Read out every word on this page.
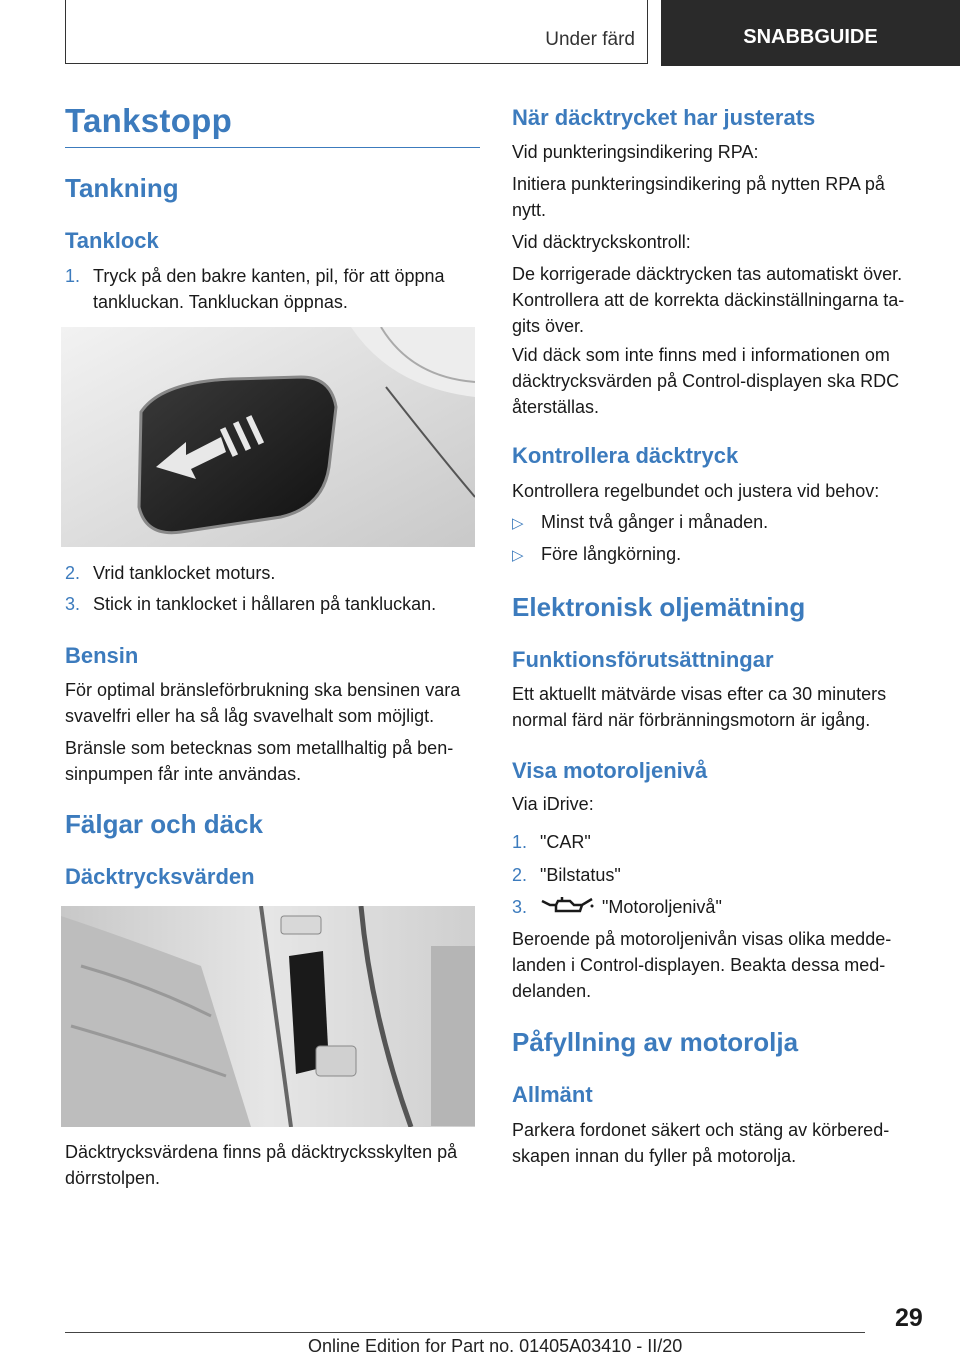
Under färd	SNABBGUIDE
Tankstopp
Tankning
Tanklock
1. Tryck på den bakre kanten, pil, för att öppna tankluckan. Tankluckan öppnas.
2. Vrid tanklocket moturs.
3. Stick in tanklocket i hållaren på tankluckan.
Bensin
För optimal bränsleförbrukning ska bensinen vara svavelfri eller ha så låg svavelhalt som möjligt.
Bränsle som betecknas som metallhaltig på ben‐ sinpumpen får inte användas.
Fälgar och däck
Däcktrycksvärden
Däcktrycksvärdena finns på däcktrycksskylten på dörrstolpen.
När däcktrycket har justerats
Vid punkteringsindikering RPA:
Initiera punkteringsindikering på nytten RPA på nytt.
Vid däcktryckskontroll:
De korrigerade däcktrycken tas automatiskt över. Kontrollera att de korrekta däckinställningarna ta‐ gits över.
Vid däck som inte finns med i informationen om däcktrycksvärden på Control-displayen ska RDC återställas.
Kontrollera däcktryck
Kontrollera regelbundet och justera vid behov:
▷ Minst två gånger i månaden.
▷ Före långkörning.
Elektronisk oljemätning
Funktionsförutsättningar
Ett aktuellt mätvärde visas efter ca 30 minuters normal färd när förbränningsmotorn är igång.
Visa motoroljenivå
Via iDrive:
1. "CAR"
2. "Bilstatus"
3.	"Motoroljenivå"
Beroende på motoroljenivån visas olika medde‐ landen i Control-displayen. Beakta dessa med‐ delanden.
Påfyllning av motorolja
Allmänt
Parkera fordonet säkert och stäng av körbered‐ skapen innan du fyller på motorolja.
29
Online Edition for Part no. 01405A03410 - II/20
